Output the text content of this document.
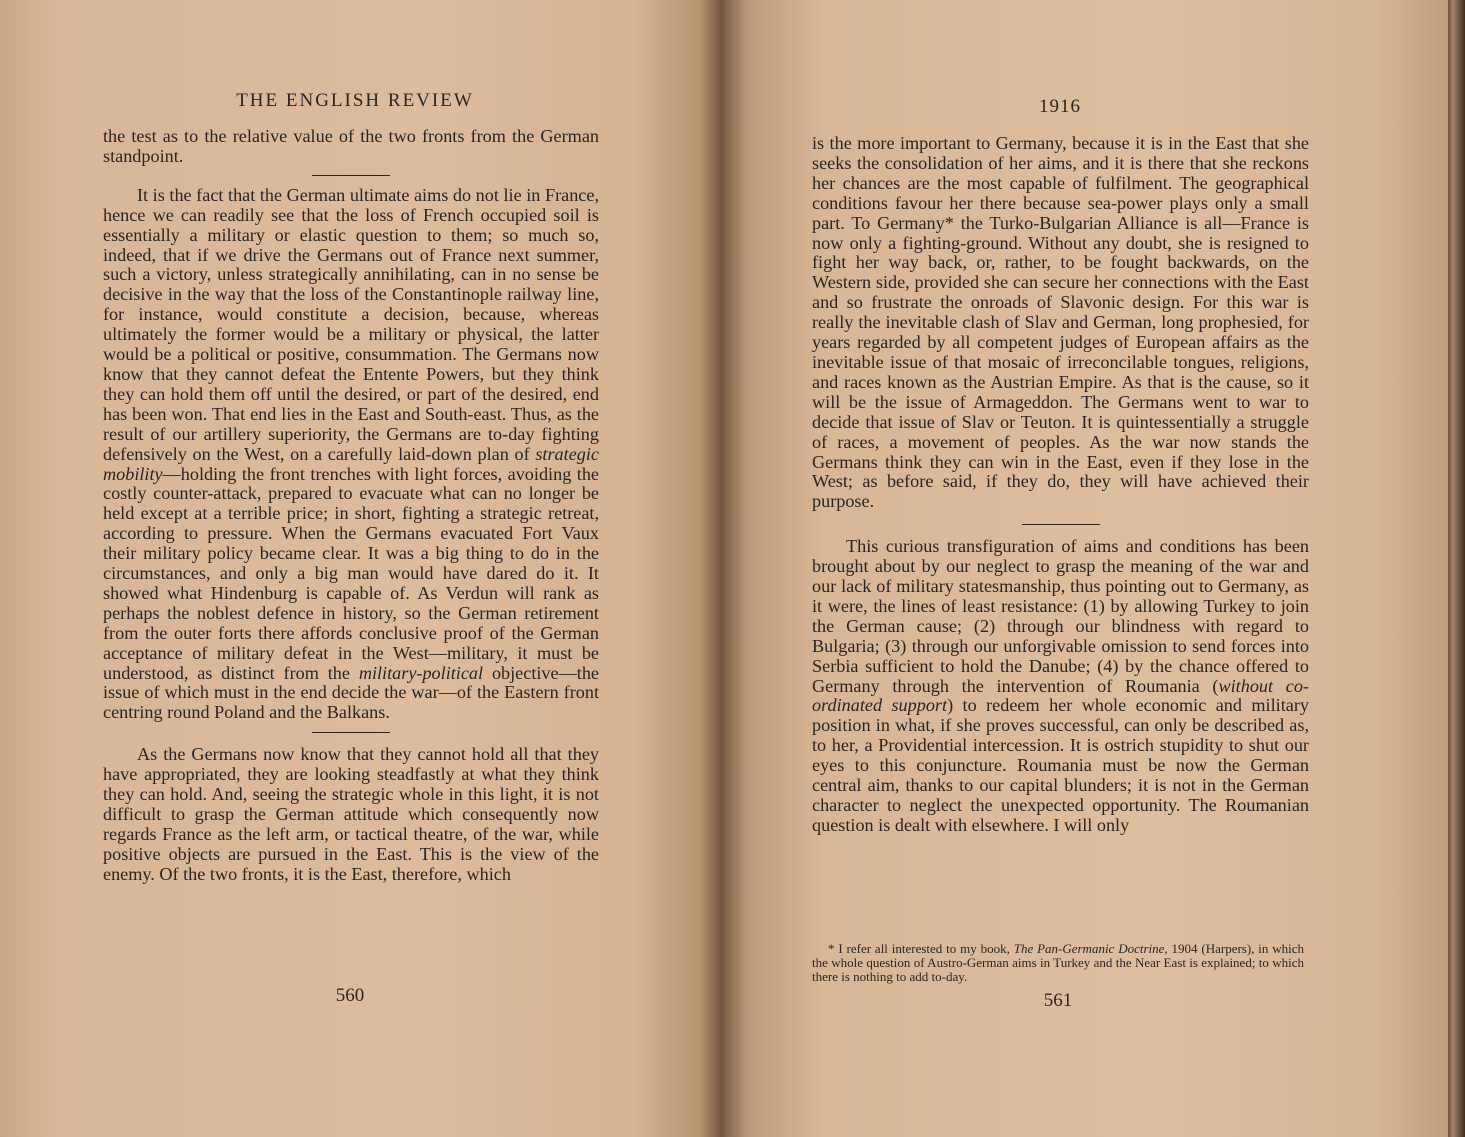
THE ENGLISH REVIEW

the test as to the relative value of the two fronts from the German standpoint.

It is the fact that the German ultimate aims do not lie in France, hence we can readily see that the loss of French occupied soil is essentially a military or elastic question to them; so much so, indeed, that if we drive the Germans out of France next summer, such a victory, unless strategically annihilating, can in no sense be decisive in the way that the loss of the Constantinople railway line, for instance, would constitute a decision, because, whereas ultimately the former would be a military or physical, the latter would be a political or positive, consummation. The Germans now know that they cannot defeat the Entente Powers, but they think they can hold them off until the desired, or part of the desired, end has been won. That end lies in the East and South-east. Thus, as the result of our artillery superiority, the Germans are to-day fighting defensively on the West, on a carefully laid-down plan of strategic mobility—holding the front trenches with light forces, avoiding the costly counter-attack, prepared to evacuate what can no longer be held except at a terrible price; in short, fighting a strategic retreat, according to pressure. When the Germans evacuated Fort Vaux their military policy became clear. It was a big thing to do in the circumstances, and only a big man would have dared do it. It showed what Hindenburg is capable of. As Verdun will rank as perhaps the noblest defence in history, so the German retirement from the outer forts there affords conclusive proof of the German acceptance of military defeat in the West—military, it must be understood, as distinct from the military-political objective—the issue of which must in the end decide the war—of the Eastern front centring round Poland and the Balkans.

As the Germans now know that they cannot hold all that they have appropriated, they are looking steadfastly at what they think they can hold. And, seeing the strategic whole in this light, it is not difficult to grasp the German attitude which consequently now regards France as the left arm, or tactical theatre, of the war, while positive objects are pursued in the East. This is the view of the enemy. Of the two fronts, it is the East, therefore, which

560
1916

is the more important to Germany, because it is in the East that she seeks the consolidation of her aims, and it is there that she reckons her chances are the most capable of fulfilment. The geographical conditions favour her there because sea-power plays only a small part. To Germany* the Turko-Bulgarian Alliance is all—France is now only a fighting-ground. Without any doubt, she is resigned to fight her way back, or, rather, to be fought backwards, on the Western side, provided she can secure her connections with the East and so frustrate the onroads of Slavonic design. For this war is really the inevitable clash of Slav and German, long prophesied, for years regarded by all competent judges of European affairs as the inevitable issue of that mosaic of irreconcilable tongues, religions, and races known as the Austrian Empire. As that is the cause, so it will be the issue of Armageddon. The Germans went to war to decide that issue of Slav or Teuton. It is quintessentially a struggle of races, a movement of peoples. As the war now stands the Germans think they can win in the East, even if they lose in the West; as before said, if they do, they will have achieved their purpose.

This curious transfiguration of aims and conditions has been brought about by our neglect to grasp the meaning of the war and our lack of military statesmanship, thus pointing out to Germany, as it were, the lines of least resistance: (1) by allowing Turkey to join the German cause; (2) through our blindness with regard to Bulgaria; (3) through our unforgivable omission to send forces into Serbia sufficient to hold the Danube; (4) by the chance offered to Germany through the intervention of Roumania (without co-ordinated support) to redeem her whole economic and military position in what, if she proves successful, can only be described as, to her, a Providential intercession. It is ostrich stupidity to shut our eyes to this conjuncture. Roumania must be now the German central aim, thanks to our capital blunders; it is not in the German character to neglect the unexpected opportunity. The Roumanian question is dealt with elsewhere. I will only

* I refer all interested to my book, The Pan-Germanic Doctrine, 1904 (Harpers), in which the whole question of Austro-German aims in Turkey and the Near East is explained; to which there is nothing to add to-day.

561
